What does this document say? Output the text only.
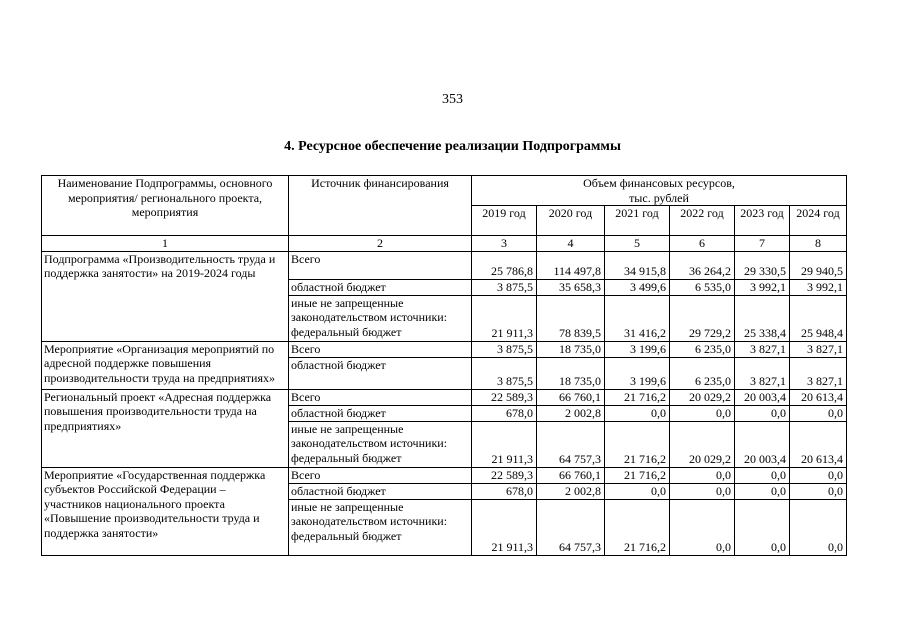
353
4. Ресурсное обеспечение реализации Подпрограммы
Наименование Подпрограммы, основного мероприятия/ регионального проекта, мероприятия	Источник финансирования	Объем финансовых ресурсов,
тыс. рублей					

		2019 год	2020 год	2021 год	2022 год	2023 год	2024 год
1	2	3	4	5	6	7	8
Подпрограмма «Производительность труда и поддержка занятости» на 2019-2024 годы	Всего	25 786,8	114 497,8	34 915,8	36 264,2	29 330,5	29 940,5
	областной бюджет	3 875,5	35 658,3	3 499,6	6 535,0	3 992,1	3 992,1
	иные не запрещенные законодательством источники: федеральный бюджет	21 911,3	78 839,5	31 416,2	29 729,2	25 338,4	25 948,4
Мероприятие «Организация мероприятий по адресной поддержке повышения производительности труда на предприятиях»	Всего	3 875,5	18 735,0	3 199,6	6 235,0	3 827,1	3 827,1
	областной бюджет	3 875,5	18 735,0	3 199,6	6 235,0	3 827,1	3 827,1
Региональный проект «Адресная поддержка повышения производительности труда на предприятиях»	Всего	22 589,3	66 760,1	21 716,2	20 029,2	20 003,4	20 613,4
	областной бюджет	678,0	2 002,8	0,0	0,0	0,0	0,0
	иные не запрещенные законодательством источники: федеральный бюджет	21 911,3	64 757,3	21 716,2	20 029,2	20 003,4	20 613,4
Мероприятие «Государственная поддержка субъектов Российской Федерации – участников национального проекта «Повышение производительности труда и поддержка занятости»	Всего	22 589,3	66 760,1	21 716,2	0,0	0,0	0,0
	областной бюджет	678,0	2 002,8	0,0	0,0	0,0	0,0
	иные не запрещенные законодательством источники: федеральный бюджет	21 911,3	64 757,3	21 716,2	0,0	0,0	0,0
